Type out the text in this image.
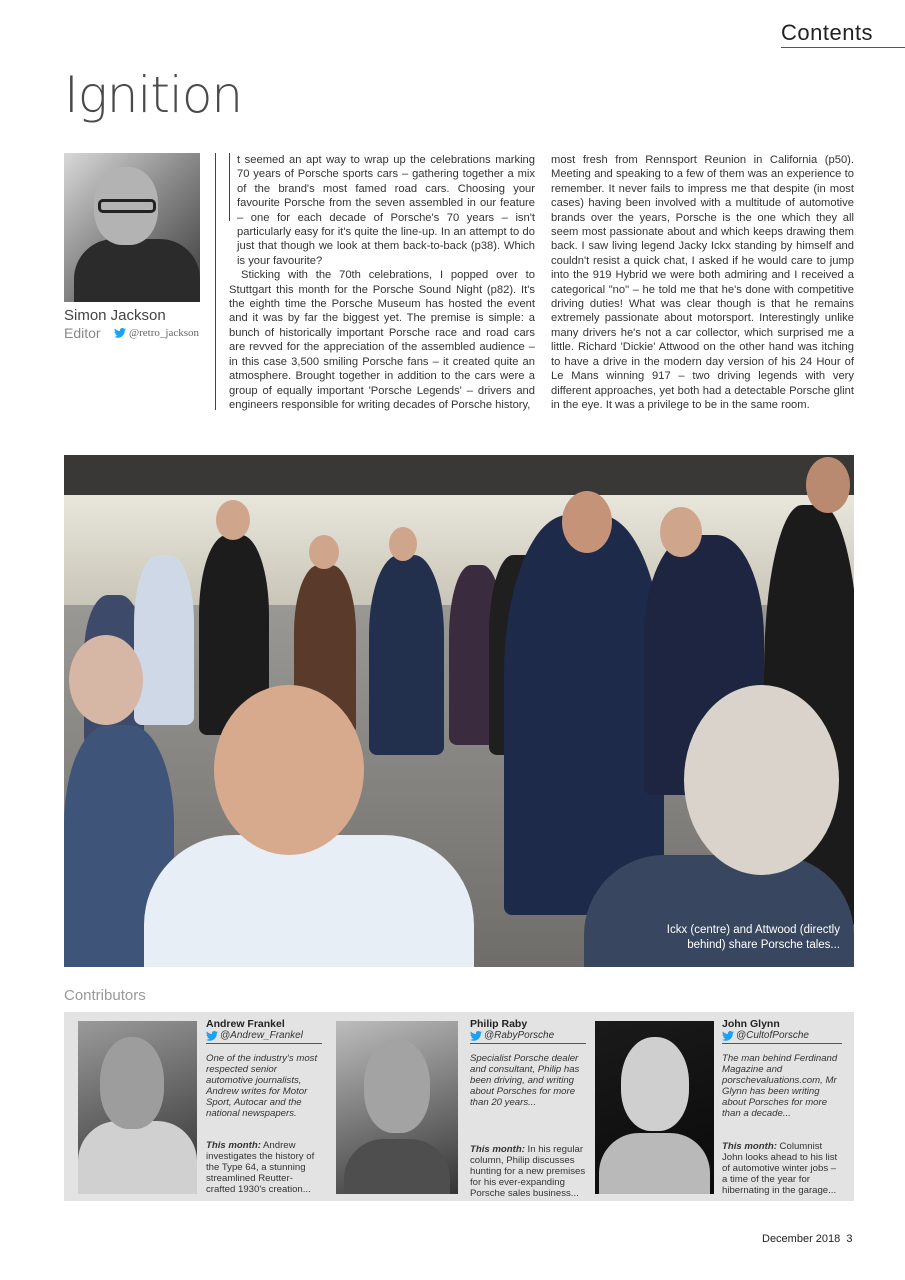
Contents
Ignition
Simon Jackson
Editor	@retro_jackson

t seemed an apt way to wrap up the celebrations marking 70 years of Porsche sports cars – gathering together a mix of the brand's most famed road cars. Choosing your favourite Porsche from the seven assembled in our feature – one for each decade of Porsche's 70 years – isn't particularly easy for it's quite the line-up. In an attempt to do just that though we look at them back-to-back (p38). Which is your favourite?

Sticking with the 70th celebrations, I popped over to Stuttgart this month for the Porsche Sound Night (p82). It's the eighth time the Porsche Museum has hosted the event and it was by far the biggest yet. The premise is simple: a bunch of historically important Porsche race and road cars are revved for the appreciation of the assembled audience – in this case 3,500 smiling Porsche fans – it created quite an atmosphere. Brought together in addition to the cars were a group of equally important 'Porsche Legends' – drivers and engineers responsible for writing decades of Porsche history,

most fresh from Rennsport Reunion in California (p50). Meeting and speaking to a few of them was an experience to remember. It never fails to impress me that despite (in most cases) having been involved with a multitude of automotive brands over the years, Porsche is the one which they all seem most passionate about and which keeps drawing them back. I saw living legend Jacky Ickx standing by himself and couldn't resist a quick chat, I asked if he would care to jump into the 919 Hybrid we were both admiring and I received a categorical "no" – he told me that he's done with competitive driving duties! What was clear though is that he remains extremely passionate about motorsport. Interestingly unlike many drivers he's not a car collector, which surprised me a little. Richard 'Dickie' Attwood on the other hand was itching to have a drive in the modern day version of his 24 Hour of Le Mans winning 917 – two driving legends with very different approaches, yet both had a detectable Porsche glint in the eye. It was a privilege to be in the same room.

Ickx (centre) and Attwood (directly behind) share Porsche tales...
Contributors
Andrew Frankel
@Andrew_Frankel
One of the industry's most respected senior automotive journalists, Andrew writes for Motor Sport, Autocar and the national newspapers.
This month: Andrew investigates the history of the Type 64, a stunning streamlined Reutter-crafted 1930's creation...
Philip Raby
@RabyPorsche
Specialist Porsche dealer and consultant, Philip has been driving, and writing about Porsches for more than 20 years...
This month: In his regular column, Philip discusses hunting for a new premises for his ever-expanding Porsche sales business...
John Glynn
@CultofPorsche
The man behind Ferdinand Magazine and porschevaluations.com, Mr Glynn has been writing about Porsches for more than a decade...
This month: Columnist John looks ahead to his list of automotive winter jobs – a time of the year for hibernating in the garage...
December 2018 3
